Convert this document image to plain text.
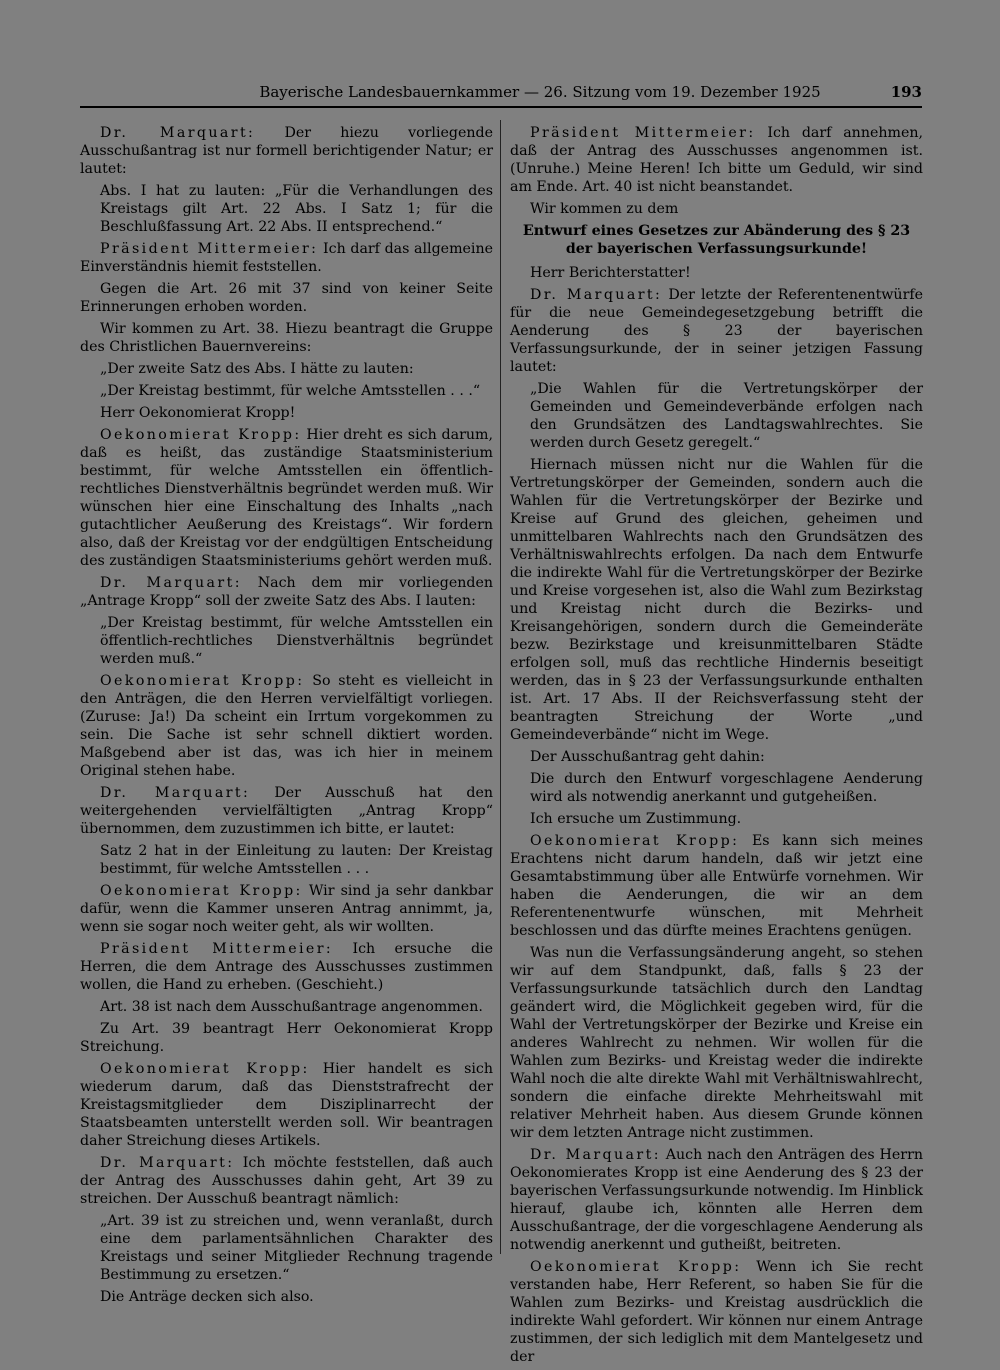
Bayerische Landesbauernkammer — 26. Sitzung vom 19. Dezember 1925	193

Dr. Marquart: Der hiezu vorliegende Ausschußantrag ist nur formell berichtigender Natur; er lautet:

Abs. I hat zu lauten: „Für die Verhandlungen des Kreistags gilt Art. 22 Abs. I Satz 1; für die Beschlußfassung Art. 22 Abs. II entsprechend.“

Präsident Mittermeier: Ich darf das allgemeine Einverständnis hiemit feststellen.

Gegen die Art. 26 mit 37 sind von keiner Seite Erinnerungen erhoben worden.

Wir kommen zu Art. 38. Hiezu beantragt die Gruppe des Christlichen Bauernvereins:

„Der zweite Satz des Abs. I hätte zu lauten:

„Der Kreistag bestimmt, für welche Amtsstellen . . .“

Herr Oekonomierat Kropp!

Oekonomierat Kropp: Hier dreht es sich darum, daß es heißt, das zuständige Staatsministerium bestimmt, für welche Amtsstellen ein öffentlich-rechtliches Dienstverhältnis begründet werden muß. Wir wünschen hier eine Einschaltung des Inhalts „nach gutachtlicher Aeußerung des Kreistags“. Wir fordern also, daß der Kreistag vor der endgültigen Entscheidung des zuständigen Staatsministeriums gehört werden muß.

Dr. Marquart: Nach dem mir vorliegenden „Antrage Kropp“ soll der zweite Satz des Abs. I lauten:

„Der Kreistag bestimmt, für welche Amtsstellen ein öffentlich-rechtliches Dienstverhältnis begründet werden muß.“

Oekonomierat Kropp: So steht es vielleicht in den Anträgen, die den Herren vervielfältigt vorliegen. (Zuruse: Ja!) Da scheint ein Irrtum vorgekommen zu sein. Die Sache ist sehr schnell diktiert worden. Maßgebend aber ist das, was ich hier in meinem Original stehen habe.

Dr. Marquart: Der Ausschuß hat den weitergehenden vervielfältigten „Antrag Kropp“ übernommen, dem zuzustimmen ich bitte, er lautet:

Satz 2 hat in der Einleitung zu lauten: Der Kreistag bestimmt, für welche Amtsstellen . . .

Oekonomierat Kropp: Wir sind ja sehr dankbar dafür, wenn die Kammer unseren Antrag annimmt, ja, wenn sie sogar noch weiter geht, als wir wollten.

Präsident Mittermeier: Ich ersuche die Herren, die dem Antrage des Ausschusses zustimmen wollen, die Hand zu erheben. (Geschieht.)

Art. 38 ist nach dem Ausschußantrage angenommen.

Zu Art. 39 beantragt Herr Oekonomierat Kropp Streichung.

Oekonomierat Kropp: Hier handelt es sich wiederum darum, daß das Dienststrafrecht der Kreistagsmitglieder dem Disziplinarrecht der Staatsbeamten unterstellt werden soll. Wir beantragen daher Streichung dieses Artikels.

Dr. Marquart: Ich möchte feststellen, daß auch der Antrag des Ausschusses dahin geht, Art 39 zu streichen. Der Ausschuß beantragt nämlich:

„Art. 39 ist zu streichen und, wenn veranlaßt, durch eine dem parlamentsähnlichen Charakter des Kreistags und seiner Mitglieder Rechnung tragende Bestimmung zu ersetzen.“

Die Anträge decken sich also.

Präsident Mittermeier: Ich darf annehmen, daß der Antrag des Ausschusses angenommen ist. (Unruhe.) Meine Heren! Ich bitte um Geduld, wir sind am Ende. Art. 40 ist nicht beanstandet.

Wir kommen zu dem

Entwurf eines Gesetzes zur Abänderung des § 23 der bayerischen Verfassungsurkunde!

Herr Berichterstatter!

Dr. Marquart: Der letzte der Referentenentwürfe für die neue Gemeindegesetzgebung betrifft die Aenderung des § 23 der bayerischen Verfassungsurkunde, der in seiner jetzigen Fassung lautet:

„Die Wahlen für die Vertretungskörper der Gemeinden und Gemeindeverbände erfolgen nach den Grundsätzen des Landtagswahlrechtes. Sie werden durch Gesetz geregelt.“

Hiernach müssen nicht nur die Wahlen für die Vertretungskörper der Gemeinden, sondern auch die Wahlen für die Vertretungskörper der Bezirke und Kreise auf Grund des gleichen, geheimen und unmittelbaren Wahlrechts nach den Grundsätzen des Verhältniswahlrechts erfolgen. Da nach dem Entwurfe die indirekte Wahl für die Vertretungskörper der Bezirke und Kreise vorgesehen ist, also die Wahl zum Bezirkstag und Kreistag nicht durch die Bezirks- und Kreisangehörigen, sondern durch die Gemeinderäte bezw. Bezirkstage und kreisunmittelbaren Städte erfolgen soll, muß das rechtliche Hindernis beseitigt werden, das in § 23 der Verfassungsurkunde enthalten ist. Art. 17 Abs. II der Reichsverfassung steht der beantragten Streichung der Worte „und Gemeindeverbände“ nicht im Wege.

Der Ausschußantrag geht dahin:

Die durch den Entwurf vorgeschlagene Aenderung wird als notwendig anerkannt und gutgeheißen.

Ich ersuche um Zustimmung.

Oekonomierat Kropp: Es kann sich meines Erachtens nicht darum handeln, daß wir jetzt eine Gesamtabstimmung über alle Entwürfe vornehmen. Wir haben die Aenderungen, die wir an dem Referentenentwurfe wünschen, mit Mehrheit beschlossen und das dürfte meines Erachtens genügen.

Was nun die Verfassungsänderung angeht, so stehen wir auf dem Standpunkt, daß, falls § 23 der Verfassungsurkunde tatsächlich durch den Landtag geändert wird, die Möglichkeit gegeben wird, für die Wahl der Vertretungskörper der Bezirke und Kreise ein anderes Wahlrecht zu nehmen. Wir wollen für die Wahlen zum Bezirks- und Kreistag weder die indirekte Wahl noch die alte direkte Wahl mit Verhältniswahlrecht, sondern die einfache direkte Mehrheitswahl mit relativer Mehrheit haben. Aus diesem Grunde können wir dem letzten Antrage nicht zustimmen.

Dr. Marquart: Auch nach den Anträgen des Herrn Oekonomierates Kropp ist eine Aenderung des § 23 der bayerischen Verfassungsurkunde notwendig. Im Hinblick hierauf, glaube ich, könnten alle Herren dem Ausschußantrage, der die vorgeschlagene Aenderung als notwendig anerkennt und gutheißt, beitreten.

Oekonomierat Kropp: Wenn ich Sie recht verstanden habe, Herr Referent, so haben Sie für die Wahlen zum Bezirks- und Kreistag ausdrücklich die indirekte Wahl gefordert. Wir können nur einem Antrage zustimmen, der sich lediglich mit dem Mantelgesetz und der
